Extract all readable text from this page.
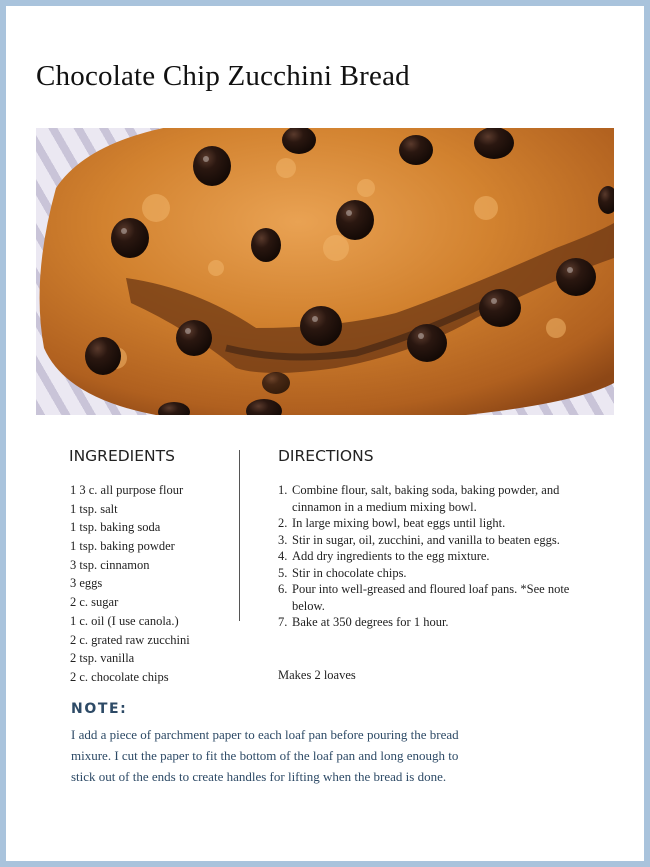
Chocolate Chip Zucchini Bread
INGREDIENTS	DIRECTIONS
1 3 c. all purpose flour
1 tsp. salt
1 tsp. baking soda
1 tsp. baking powder
3 tsp. cinnamon
3 eggs
2 c. sugar
1 c. oil (I use canola.)
2 c. grated raw zucchini
2 tsp. vanilla
2 c. chocolate chips
1. Combine flour, salt, baking soda, baking powder, and cinnamon in a medium mixing bowl.
2. In large mixing bowl, beat eggs until light.
3. Stir in sugar, oil, zucchini, and vanilla to beaten eggs.
4. Add dry ingredients to the egg mixture.
5. Stir in chocolate chips.
6. Pour into well-greased and floured loaf pans. *See note below.
7. Bake at 350 degrees for 1 hour.

Makes 2 loaves

NOTE:

I add a piece of parchment paper to each loaf pan before pouring the bread mixure. I cut the paper to fit the bottom of the loaf pan and long enough to stick out of the ends to create handles for lifting when the bread is done.
